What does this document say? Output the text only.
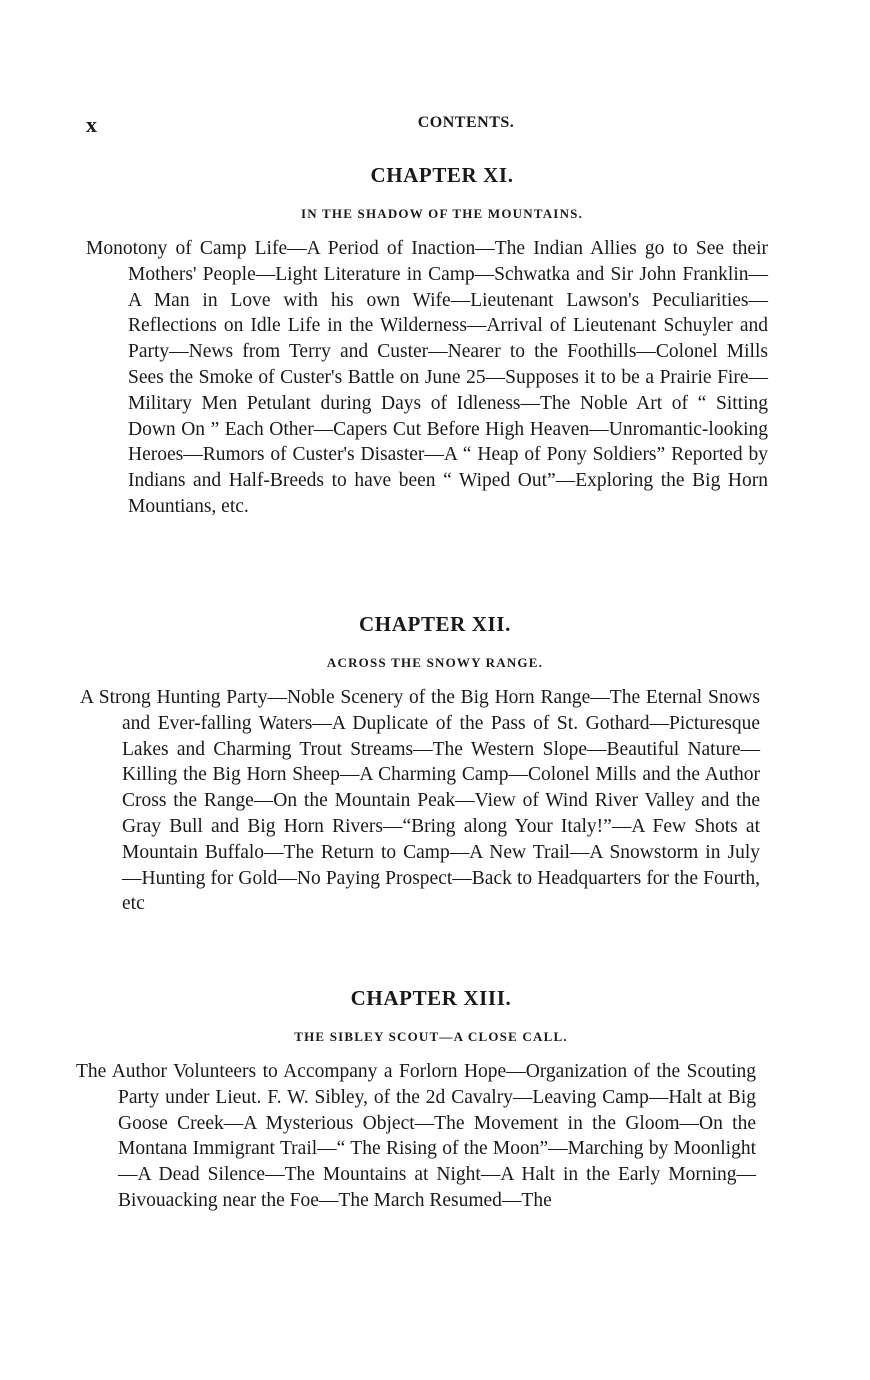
x	CONTENTS.
CHAPTER XI.
IN THE SHADOW OF THE MOUNTAINS.

Monotony of Camp Life—A Period of Inaction—The Indian Allies go to See their Mothers' People—Light Literature in Camp—Schwatka and Sir John Franklin—A Man in Love with his own Wife—Lieutenant Lawson's Peculiarities—Reflections on Idle Life in the Wilderness—Arrival of Lieutenant Schuyler and Party—News from Terry and Custer—Nearer to the Foothills—Colonel Mills Sees the Smoke of Custer's Battle on June 25—Supposes it to be a Prairie Fire—Military Men Petulant during Days of Idleness—The Noble Art of “ Sitting Down On ” Each Other—Capers Cut Before High Heaven—Unromantic-looking Heroes—Rumors of Custer's Disaster—A “ Heap of Pony Soldiers” Reported by Indians and Half-Breeds to have been “ Wiped Out”—Exploring the Big Horn Mountians, etc.

CHAPTER XII.
ACROSS THE SNOWY RANGE.

A Strong Hunting Party—Noble Scenery of the Big Horn Range—The Eternal Snows and Ever-falling Waters—A Duplicate of the Pass of St. Gothard—Picturesque Lakes and Charming Trout Streams—The Western Slope—Beautiful Nature—Killing the Big Horn Sheep—A Charming Camp—Colonel Mills and the Author Cross the Range—On the Mountain Peak—View of Wind River Valley and the Gray Bull and Big Horn Rivers—“Bring along Your Italy!”—A Few Shots at Mountain Buffalo—The Return to Camp—A New Trail—A Snowstorm in July—Hunting for Gold—No Paying Prospect—Back to Headquarters for the Fourth, etc

CHAPTER XIII.
THE SIBLEY SCOUT—A CLOSE CALL.

The Author Volunteers to Accompany a Forlorn Hope—Organization of the Scouting Party under Lieut. F. W. Sibley, of the 2d Cavalry—Leaving Camp—Halt at Big Goose Creek—A Mysterious Object—The Movement in the Gloom—On the Montana Immigrant Trail—“ The Rising of the Moon”—Marching by Moonlight—A Dead Silence—The Mountains at Night—A Halt in the Early Morning—Bivouacking near the Foe—The March Resumed—The
